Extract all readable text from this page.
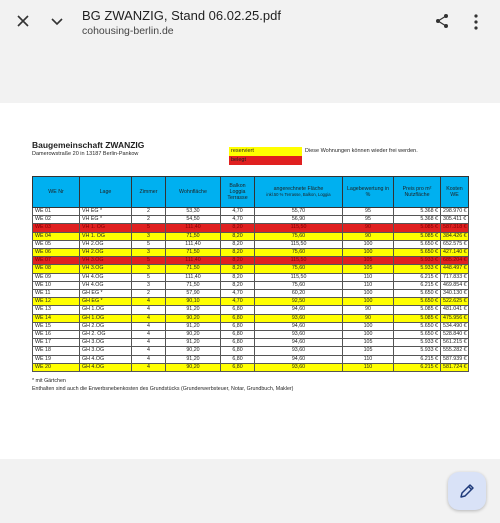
BG ZWANZIG, Stand 06.02.25.pdf
cohousing-berlin.de
Baugemeinschaft ZWANZIG
Damerowstraße 20 in 13187 Berlin-Pankow	reserviert
belegt
Diese Wohnungen können wieder frei werden.
WE Nr	Lage	Zimmer	Wohnfläche	Balkon Loggia Terrasse	angerechnete Fläche
inkl.50 % Terrasse, Balkon, Loggia	Lagebewertung in %	Preis pro m² Nutzfläche	Kosten WE
WE 01	VH EG *	2	53,30	4,70	55,70	95	5.368 €	298.970 €
WE 02	VH EG *	2	54,50	4,70	56,90	95	5.368 €	305.411 €
WE 03	VH 1. OG	5	111,40	8,20	115,50	90	5.085 €	587.318 €
WE 04	VH 1. OG	3	71,50	8,20	75,60	90	5.085 €	384.426 €
WE 05	VH 2.OG	5	111,40	8,20	115,50	100	5.650 €	652.575 €
WE 06	VH 2.OG	3	71,50	8,20	75,60	100	5.650 €	427.140 €
WE 07	VH 3.OG	5	111,40	8,20	115,50	105	5.933 €	685.204 €
WE 08	VH 3.OG	3	71,50	8,20	75,60	105	5.933 €	448.497 €
WE 09	VH 4.OG	5	111,40	8,20	115,50	110	6.215 €	717.833 €
WE 10	VH 4.OG	3	71,50	8,20	75,60	110	6.215 €	469.854 €
WE 11	GH EG *	2	57,90	4,70	60,20	100	5.650 €	340.130 €
WE 12	GH EG *	4	90,10	4,70	92,50	100	5.650 €	522.625 €
WE 13	GH 1.OG	4	91,20	6,80	94,60	90	5.085 €	481.041 €
WE 14	GH 1.OG	4	90,20	6,80	93,60	90	5.085 €	475.956 €
WE 15	GH 2.OG	4	91,20	6,80	94,60	100	5.650 €	534.490 €
WE 16	GH 2. OG	4	90,20	6,80	93,60	100	5.650 €	528.840 €
WE 17	GH 3.OG	4	91,20	6,80	94,60	105	5.933 €	561.215 €
WE 18	GH 3.OG	4	90,20	6,80	93,60	105	5.933 €	555.282 €
WE 19	GH 4.OG	4	91,20	6,80	94,60	110	6.215 €	587.939 €
WE 20	GH 4.OG	4	90,20	6,80	93,60	110	6.215 €	581.724 €
* mit Gärtchen
Enthalten sind auch die Erwerbsnebenkosten des Grundstücks (Grunderwerbsteuer, Notar, Grundbuch, Makler)
